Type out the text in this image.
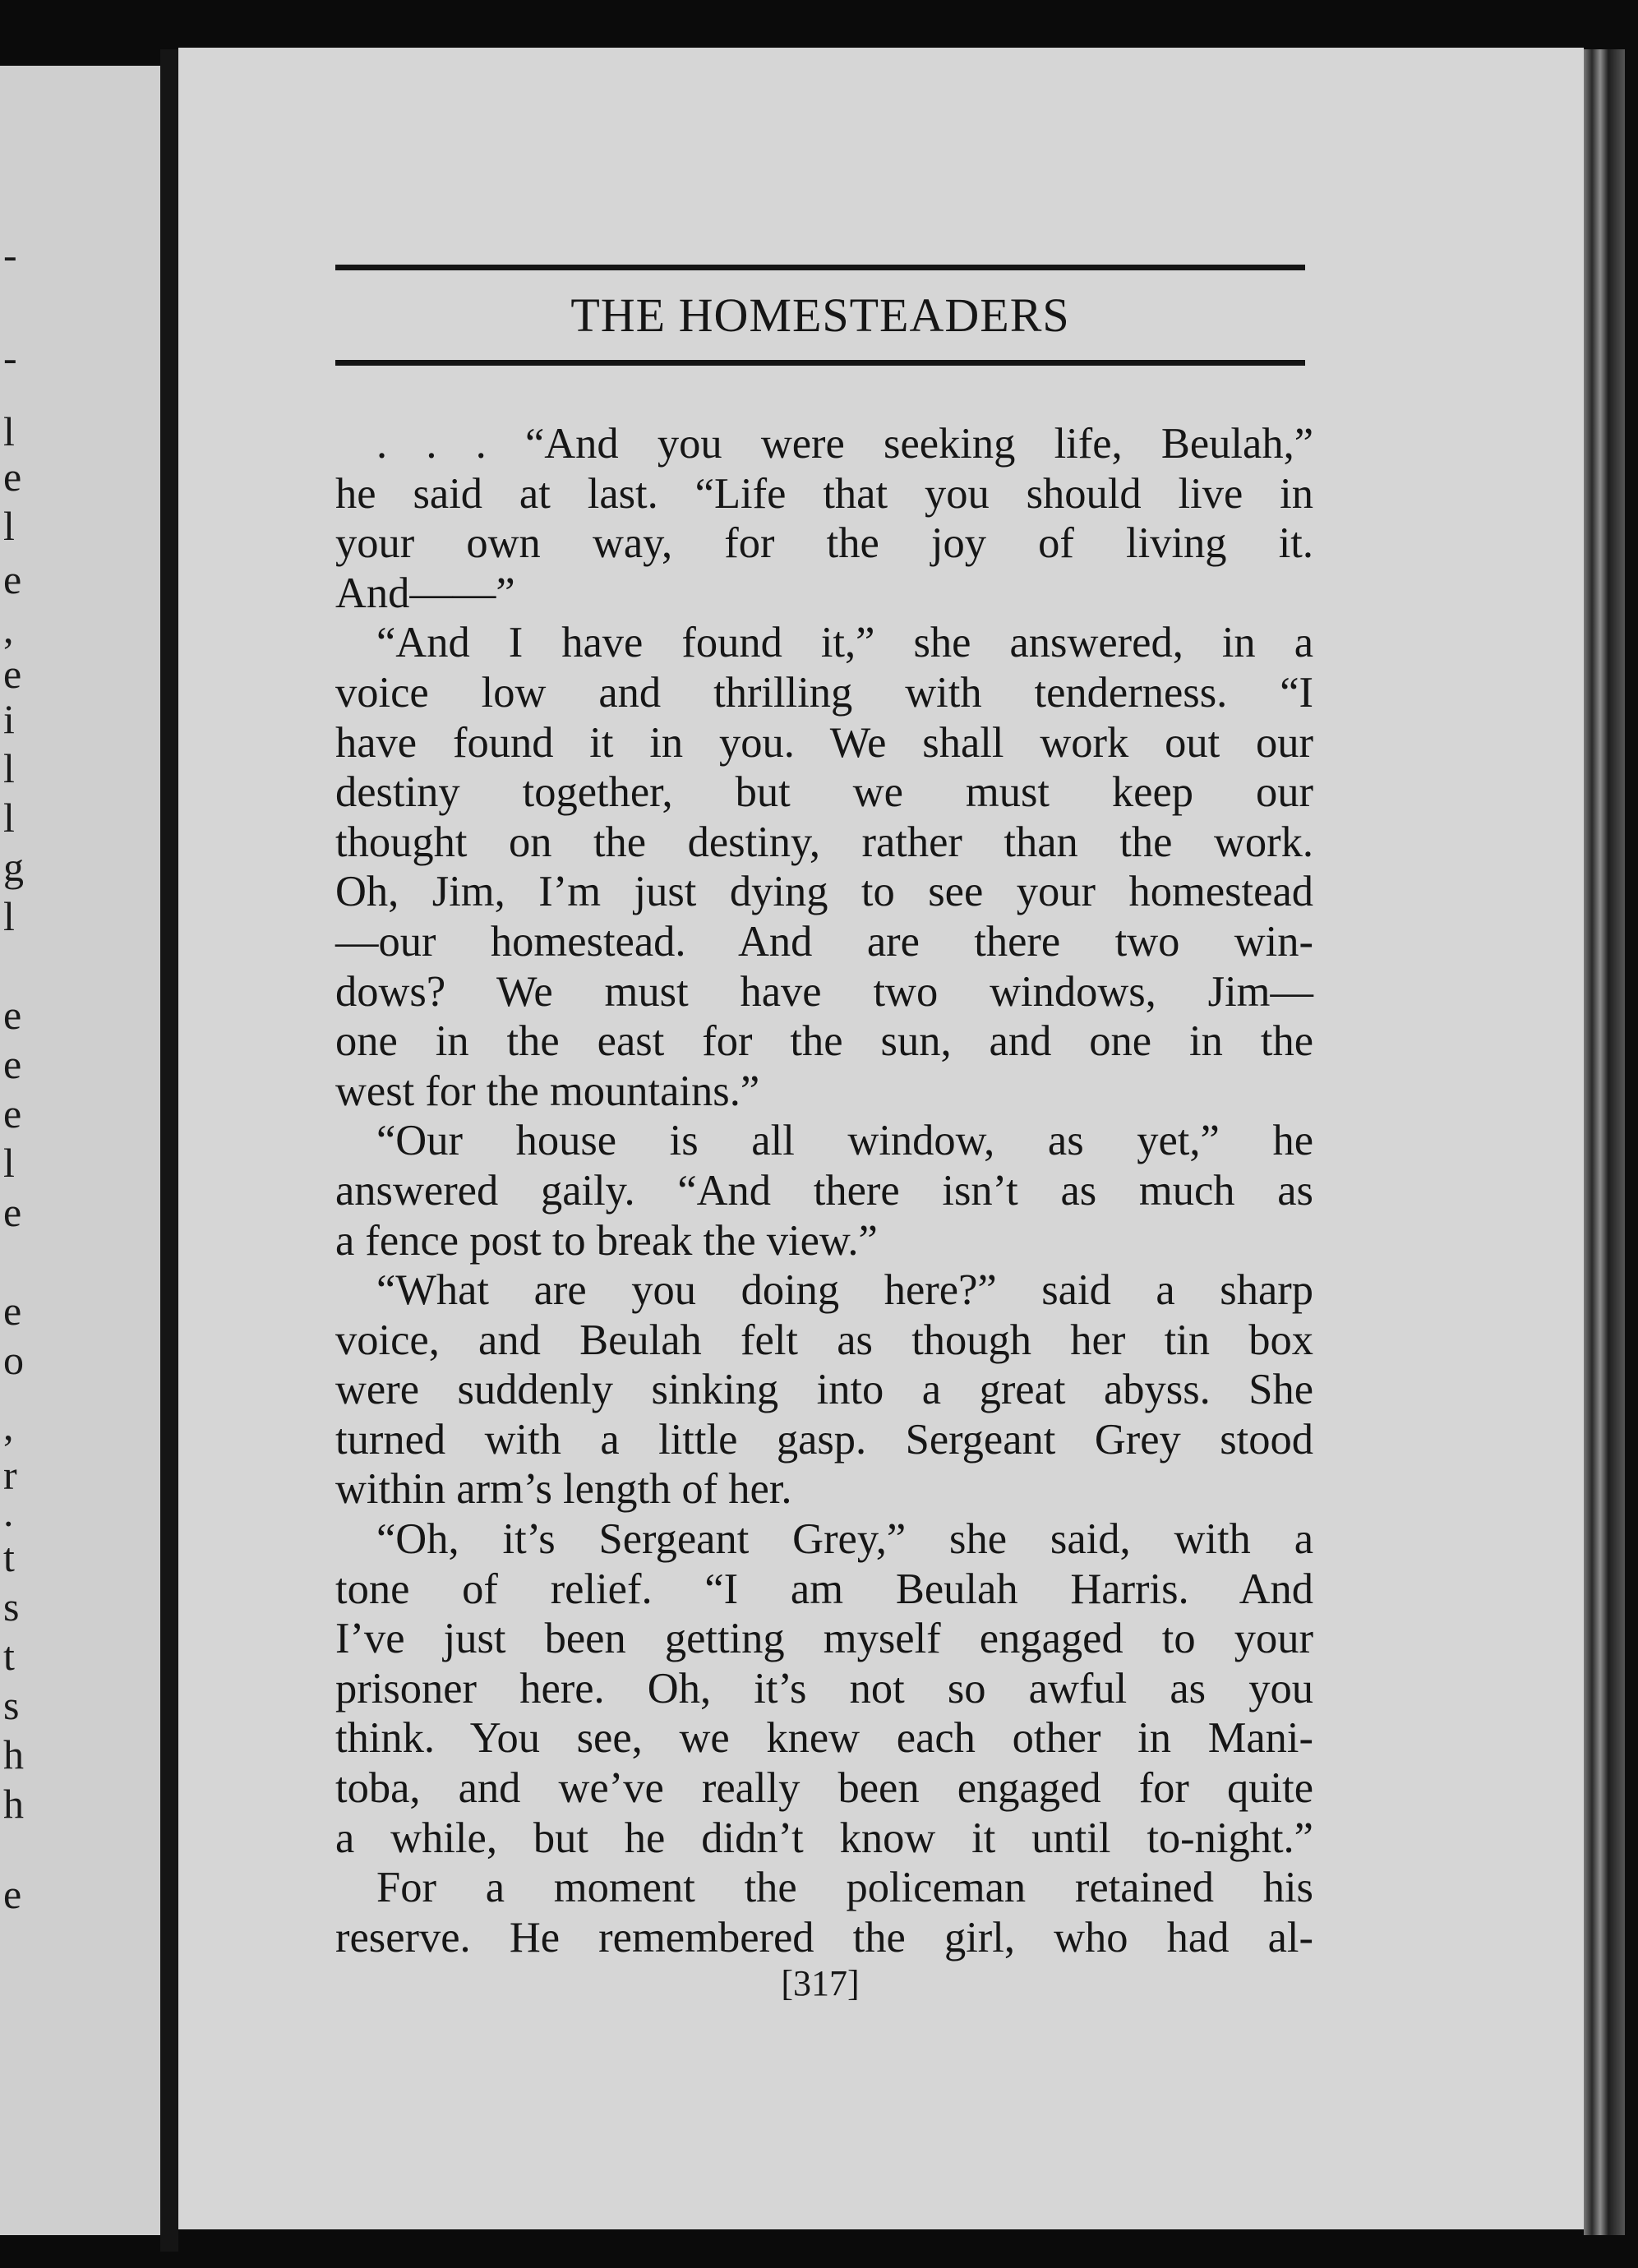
-
-
l
e
l
e
,
e
i
l
l
g
l
e
e
e
l
e
e
o
,
r
.
t
s
t
s
h
h
e
THE HOMESTEADERS
. . . “And you were seeking life, Beulah,”
he said at last. “Life that you should live in
your own way, for the joy of living it.
And——”
“And I have found it,” she answered, in a
voice low and thrilling with tenderness. “I
have found it in you. We shall work out our
destiny together, but we must keep our
thought on the destiny, rather than the work.
Oh, Jim, I’m just dying to see your homestead
—our homestead. And are there two win-
dows? We must have two windows, Jim—
one in the east for the sun, and one in the
west for the mountains.”
“Our house is all window, as yet,” he
answered gaily. “And there isn’t as much as
a fence post to break the view.”
“What are you doing here?” said a sharp
voice, and Beulah felt as though her tin box
were suddenly sinking into a great abyss. She
turned with a little gasp. Sergeant Grey stood
within arm’s length of her.
“Oh, it’s Sergeant Grey,” she said, with a
tone of relief. “I am Beulah Harris. And
I’ve just been getting myself engaged to your
prisoner here. Oh, it’s not so awful as you
think. You see, we knew each other in Mani-
toba, and we’ve really been engaged for quite
a while, but he didn’t know it until to-night.”
For a moment the policeman retained his
reserve. He remembered the girl, who had al-
[317]
